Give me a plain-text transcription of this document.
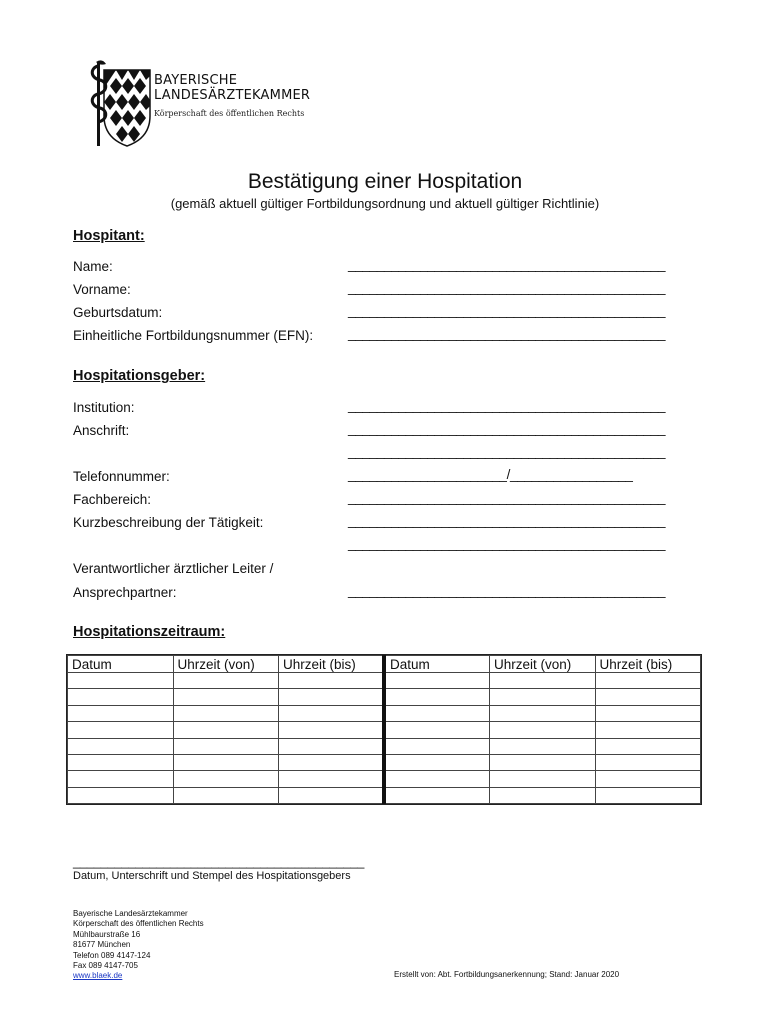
BAYERISCHE
LANDESÄRZTEKAMMER
Körperschaft des öffentlichen Rechts
Bestätigung einer Hospitation
(gemäß aktuell gültiger Fortbildungsordnung und aktuell gültiger Richtlinie)
Hospitant:
Name:	____________________________________________
Vorname:	____________________________________________
Geburtsdatum:	____________________________________________
Einheitliche Fortbildungsnummer (EFN):	____________________________________________
Hospitationsgeber:
Institution:	____________________________________________
Anschrift:	____________________________________________
____________________________________________
Telefonnummer:	______________________/_________________
Fachbereich:	____________________________________________
Kurzbeschreibung der Tätigkeit:	____________________________________________
____________________________________________
Verantwortlicher ärztlicher Leiter /
Ansprechpartner:	____________________________________________
Hospitationszeitraum:
Datum	Uhrzeit (von)	Uhrzeit (bis)	Datum	Uhrzeit (von)	Uhrzeit (bis)

__________________________________________
Datum, Unterschrift und Stempel des Hospitationsgebers
Bayerische Landesärztekammer
Körperschaft des öffentlichen Rechts
Mühlbaurstraße 16
81677 München
Telefon 089 4147-124
Fax 089 4147-705
www.blaek.de	Erstellt von: Abt. Fortbildungsanerkennung; Stand: Januar 2020
